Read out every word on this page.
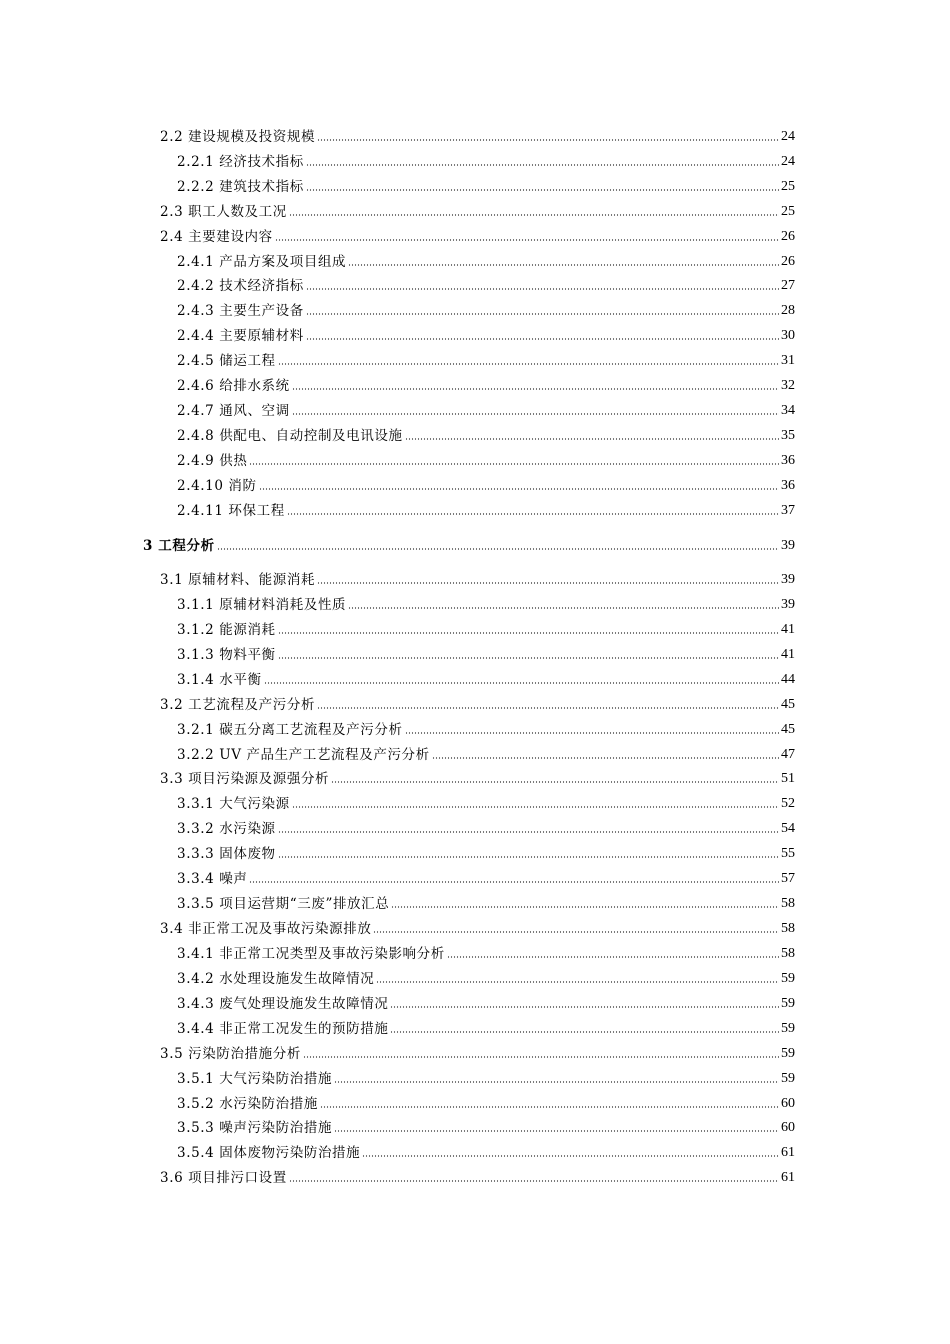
2.2 建设规模及投资规模	24
2.2.1 经济技术指标	24
2.2.2 建筑技术指标	25
2.3 职工人数及工况	25
2.4 主要建设内容	26
2.4.1 产品方案及项目组成	26
2.4.2 技术经济指标	27
2.4.3 主要生产设备	28
2.4.4 主要原辅材料	30
2.4.5 储运工程	31
2.4.6 给排水系统	32
2.4.7 通风、空调	34
2.4.8 供配电、自动控制及电讯设施	35
2.4.9 供热	36
2.4.10 消防	36
2.4.11 环保工程	37
3 工程分析	39
3.1 原辅材料、能源消耗	39
3.1.1 原辅材料消耗及性质	39
3.1.2 能源消耗	41
3.1.3 物料平衡	41
3.1.4 水平衡	44
3.2 工艺流程及产污分析	45
3.2.1 碳五分离工艺流程及产污分析	45
3.2.2 UV 产品生产工艺流程及产污分析	47
3.3 项目污染源及源强分析	51
3.3.1 大气污染源	52
3.3.2 水污染源	54
3.3.3 固体废物	55
3.3.4 噪声	57
3.3.5 项目运营期“三废”排放汇总	58
3.4 非正常工况及事故污染源排放	58
3.4.1 非正常工况类型及事故污染影响分析	58
3.4.2 水处理设施发生故障情况	59
3.4.3 废气处理设施发生故障情况	59
3.4.4 非正常工况发生的预防措施	59
3.5 污染防治措施分析	59
3.5.1 大气污染防治措施	59
3.5.2 水污染防治措施	60
3.5.3 噪声污染防治措施	60
3.5.4 固体废物污染防治措施	61
3.6 项目排污口设置	61
